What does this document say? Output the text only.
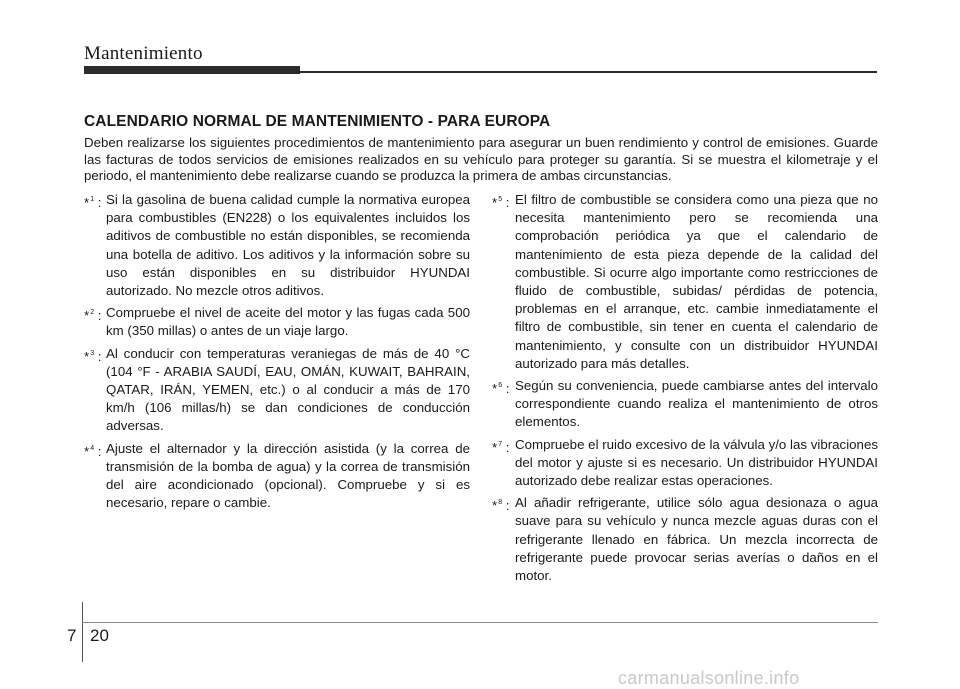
Mantenimiento
CALENDARIO NORMAL DE MANTENIMIENTO - PARA EUROPA

Deben realizarse los siguientes procedimientos de mantenimiento para asegurar un buen rendimiento y control de emisiones. Guarde las facturas de todos servicios de emisiones realizados en su vehículo para proteger su garantía. Si se muestra el kilometraje y el periodo, el mantenimiento debe realizarse cuando se produzca la primera de ambas circunstancias.

*$^1$ : Si la gasolina de buena calidad cumple la normativa europea para combustibles (EN228) o los equivalentes incluidos los aditivos de combustible no están disponibles, se recomienda una botella de aditivo. Los aditivos y la información sobre su uso están disponibles en su distribuidor HYUNDAI autorizado. No mezcle otros aditivos.
*$^2$ : Compruebe el nivel de aceite del motor y las fugas cada 500 km (350 millas) o antes de un viaje largo.
*$^3$ : Al conducir con temperaturas veraniegas de más de 40 °C (104 °F - ARABIA SAUDÍ, EAU, OMÁN, KUWAIT, BAHRAIN, QATAR, IRÁN, YEMEN, etc.) o al conducir a más de 170 km/h (106 millas/h) se dan condiciones de conducción adversas.
*$^4$ : Ajuste el alternador y la dirección asistida (y la correa de transmisión de la bomba de agua) y la correa de transmisión del aire acondicionado (opcional). Compruebe y si es necesario, repare o cambie.
*$^5$ : El filtro de combustible se considera como una pieza que no necesita mantenimiento pero se recomienda una comprobación periódica ya que el calendario de mantenimiento de esta pieza depende de la calidad del combustible. Si ocurre algo importante como restricciones de fluido de combustible, subidas/ pérdidas de potencia, problemas en el arranque, etc. cambie inmediatamente el filtro de combustible, sin tener en cuenta el calendario de mantenimiento, y consulte con un distribuidor HYUNDAI autorizado para más detalles.
*$^6$ : Según su conveniencia, puede cambiarse antes del intervalo correspondiente cuando realiza el mantenimiento de otros elementos.
*$^7$ : Compruebe el ruido excesivo de la válvula y/o las vibraciones del motor y ajuste si es necesario. Un distribuidor HYUNDAI autorizado debe realizar estas operaciones.
*$^8$ : Al añadir refrigerante, utilice sólo agua desionaza o agua suave para su vehículo y nunca mezcle aguas duras con el refrigerante llenado en fábrica. Un mezcla incorrecta de refrigerante puede provocar serias averías o daños en el motor.
7 20
carmanualsonline.info
